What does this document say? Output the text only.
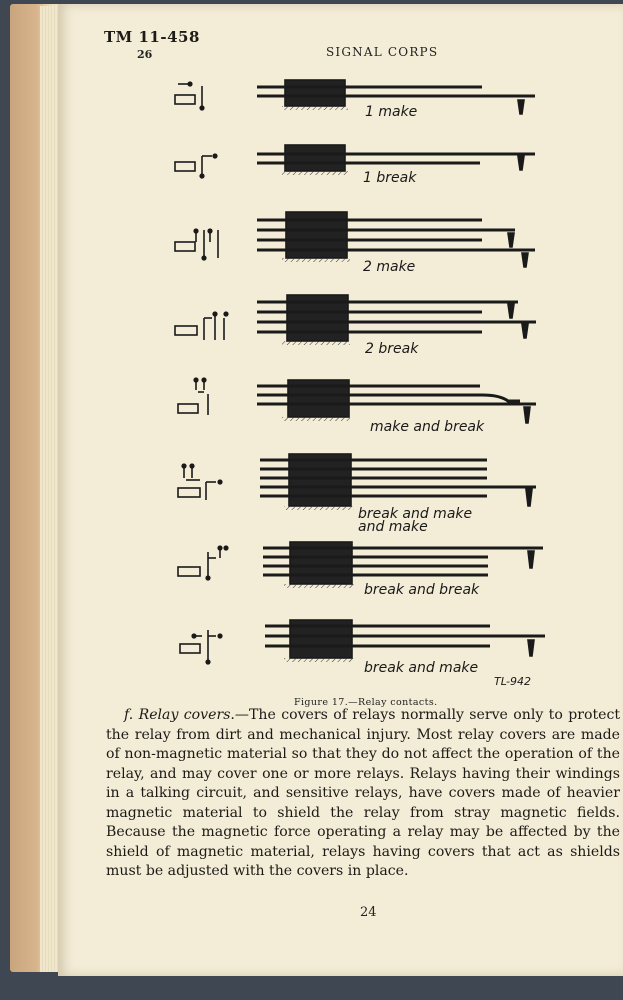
TM 11-458
26	SIGNAL CORPS
1 make
1 break
2 make
2 break
make and break
break and make
and make
break and break
break and make
TL-942
Figure 17.—Relay contacts.
f. Relay covers.—The covers of relays normally serve only to protect the relay from dirt and mechanical injury. Most relay covers are made of non-magnetic material so that they do not affect the operation of the relay, and may cover one or more relays. Relays having their windings in a talking circuit, and sensitive relays, have covers made of heavier magnetic material to shield the relay from stray magnetic fields. Because the magnetic force operating a relay may be affected by the shield of magnetic material, relays having covers that act as shields must be adjusted with the covers in place.
24
